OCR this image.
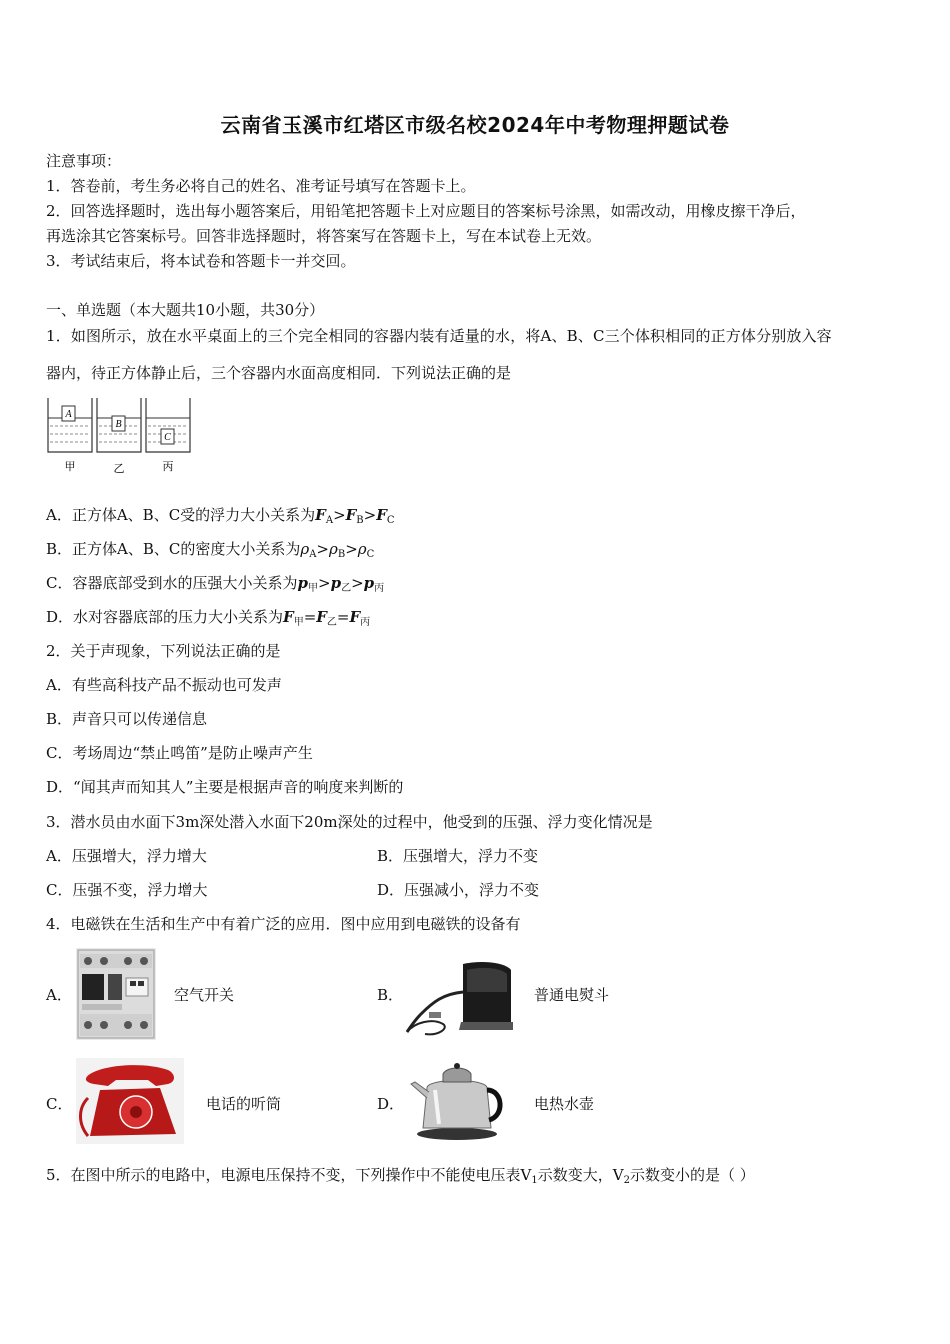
云南省玉溪市红塔区市级名校2024年中考物理押题试卷
注意事项：
1．答卷前，考生务必将自己的姓名、准考证号填写在答题卡上。
2．回答选择题时，选出每小题答案后，用铅笔把答题卡上对应题目的答案标号涂黑，如需改动，用橡皮擦干净后，
再选涂其它答案标号。回答非选择题时，将答案写在答题卡上，写在本试卷上无效。
3．考试结束后，将本试卷和答题卡一并交回。
一、单选题（本大题共10小题，共30分）
1．如图所示，放在水平桌面上的三个完全相同的容器内装有适量的水，将A、B、C三个体积相同的正方体分别放入容
器内，待正方体静止后，三个容器内水面高度相同．下列说法正确的是
A
甲
B
乙
C
丙
A．正方体A、B、C受的浮力大小关系为$F_A>F_B>F_C$
B．正方体A、B、C的密度大小关系为$\rho_A>\rho_B>\rho_C$
C．容器底部受到水的压强大小关系为$p_甲>p_乙>p_丙$
D．水对容器底部的压力大小关系为$F_甲=F_乙=F_丙$
2．关于声现象，下列说法正确的是
A．有些高科技产品不振动也可发声
B．声音只可以传递信息
C．考场周边“禁止鸣笛”是防止噪声产生
D．“闻其声而知其人”主要是根据声音的响度来判断的
3．潜水员由水面下3m深处潜入水面下20m深处的过程中，他受到的压强、浮力变化情况是
A．压强增大，浮力增大	B．压强增大，浮力不变
C．压强不变，浮力增大	D．压强减小，浮力不变
4．电磁铁在生活和生产中有着广泛的应用．图中应用到电磁铁的设备有
A．	空气开关	B．	普通电熨斗
C．	电话的听筒	D．	电热水壶
5．在图中所示的电路中，电源电压保持不变，下列操作中不能使电压表$V_1$示数变大，$V_2$示数变小的是（ ）
